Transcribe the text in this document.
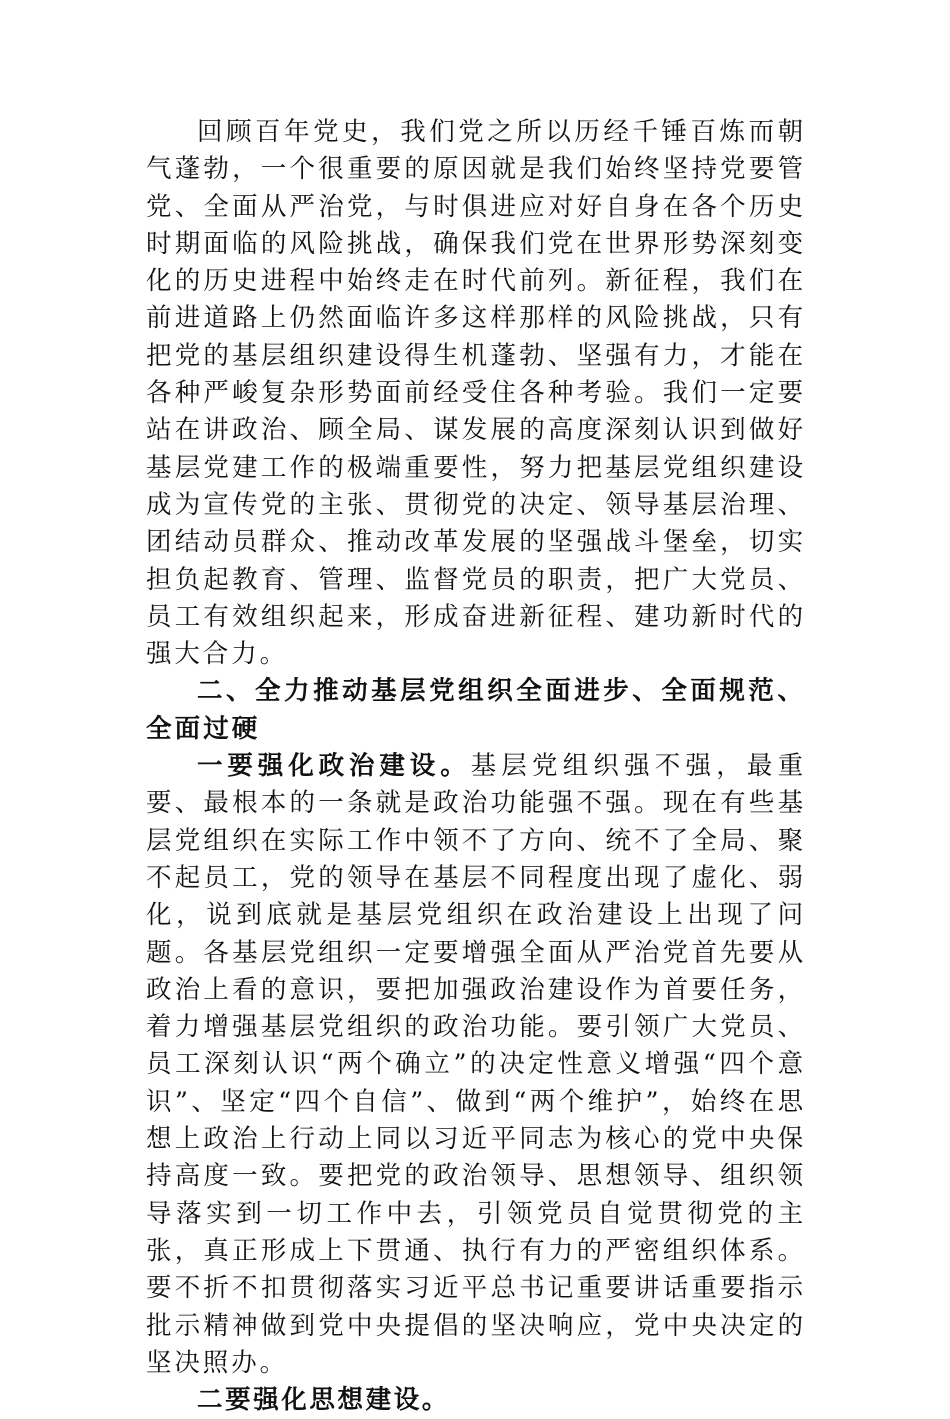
回顾百年党史，我们党之所以历经千锤百炼而朝气蓬勃，一个很重要的原因就是我们始终坚持党要管党、全面从严治党，与时俱进应对好自身在各个历史时期面临的风险挑战，确保我们党在世界形势深刻变化的历史进程中始终走在时代前列。新征程，我们在前进道路上仍然面临许多这样那样的风险挑战，只有把党的基层组织建设得生机蓬勃、坚强有力，才能在各种严峻复杂形势面前经受住各种考验。我们一定要站在讲政治、顾全局、谋发展的高度深刻认识到做好基层党建工作的极端重要性，努力把基层党组织建设成为宣传党的主张、贯彻党的决定、领导基层治理、团结动员群众、推动改革发展的坚强战斗堡垒，切实担负起教育、管理、监督党员的职责，把广大党员、员工有效组织起来，形成奋进新征程、建功新时代的强大合力。

二、全力推动基层党组织全面进步、全面规范、全面过硬

一要强化政治建设。基层党组织强不强，最重要、最根本的一条就是政治功能强不强。现在有些基层党组织在实际工作中领不了方向、统不了全局、聚不起员工，党的领导在基层不同程度出现了虚化、弱化，说到底就是基层党组织在政治建设上出现了问题。各基层党组织一定要增强全面从严治党首先要从政治上看的意识，要把加强政治建设作为首要任务，着力增强基层党组织的政治功能。要引领广大党员、员工深刻认识“两个确立”的决定性意义增强“四个意识”、坚定“四个自信”、做到“两个维护”，始终在思想上政治上行动上同以习近平同志为核心的党中央保持高度一致。要把党的政治领导、思想领导、组织领导落实到一切工作中去，引领党员自觉贯彻党的主张，真正形成上下贯通、执行有力的严密组织体系。要不折不扣贯彻落实习近平总书记重要讲话重要指示批示精神做到党中央提倡的坚决响应，党中央决定的坚决照办。

二要强化思想建设。
